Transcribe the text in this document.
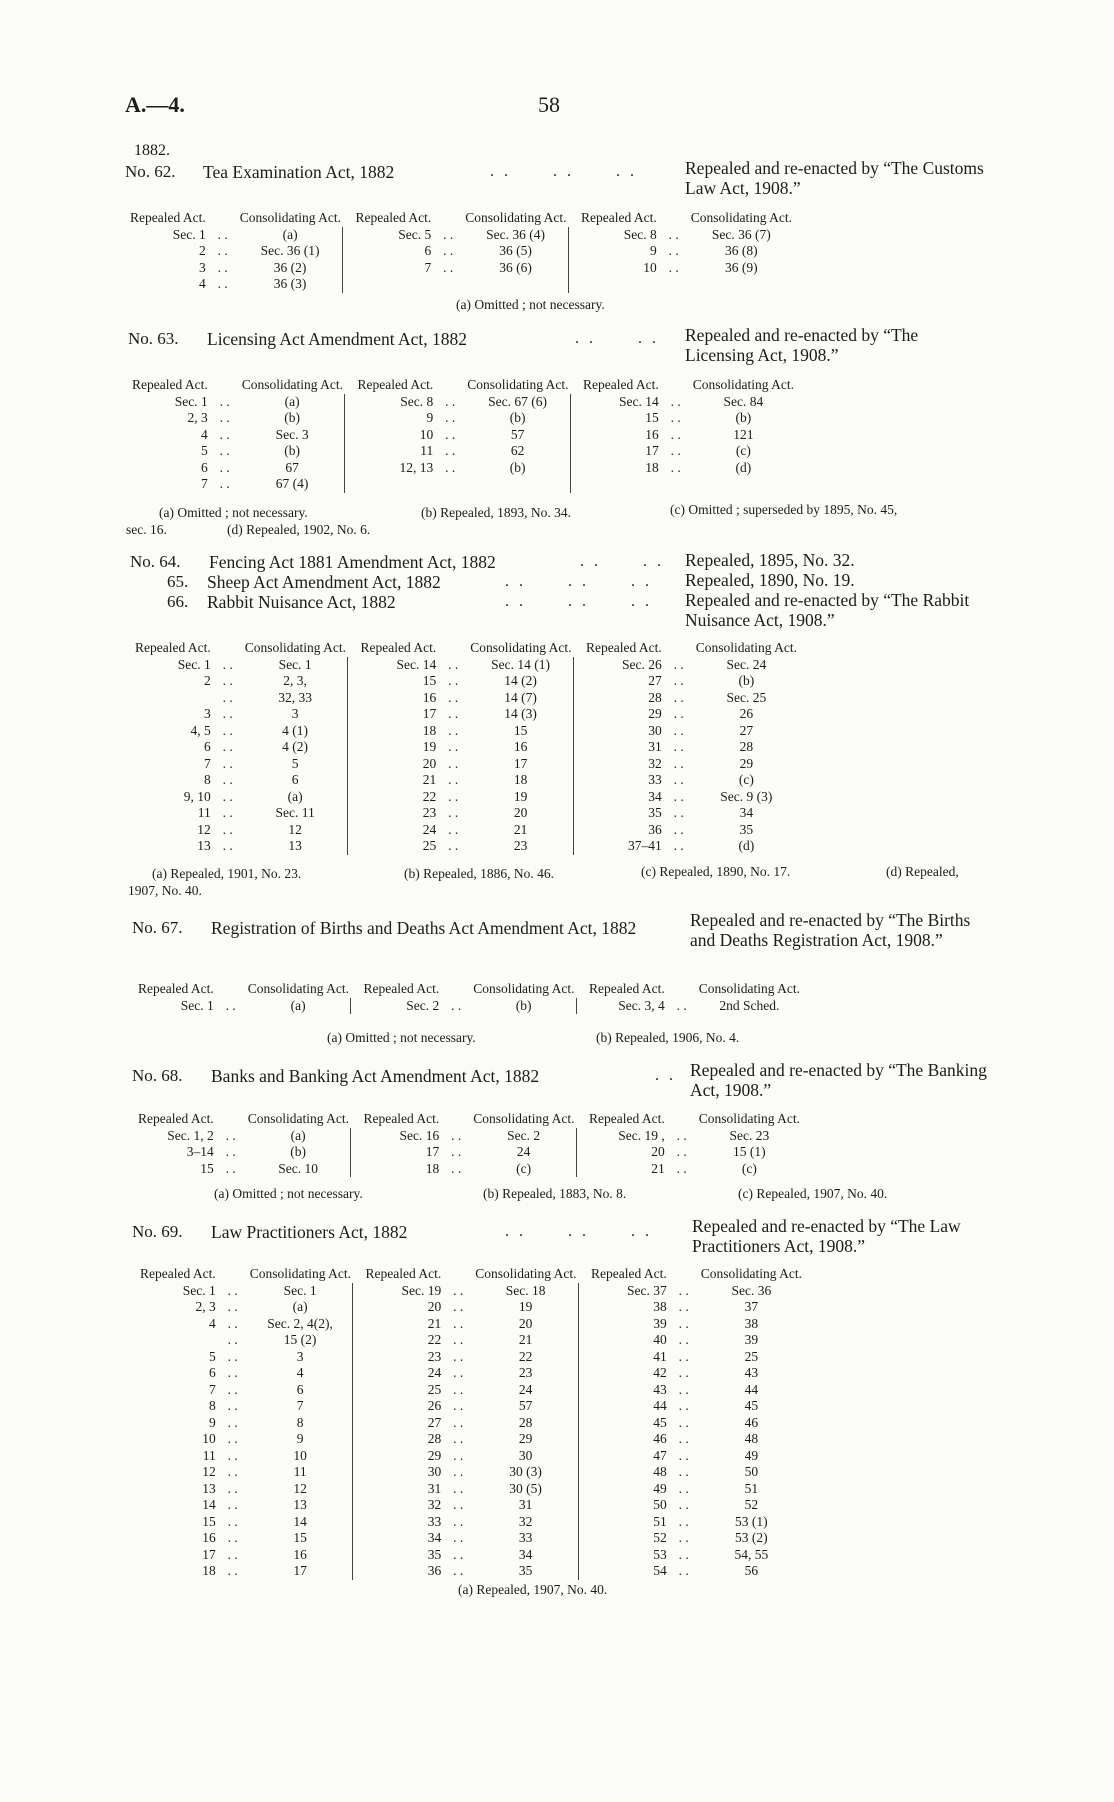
A.—4.	58
1882.
No. 62. Tea Examination Act, 1882	. .      . .      . .	Repealed and re-enacted by “The Customs Law Act, 1908.”
Repealed Act.		Consolidating Act.		Repealed Act.		Consolidating Act.		Repealed Act.		Consolidating Act.
Sec. 1	. .	(a)		Sec. 5	. .	Sec. 36 (4)		Sec. 8	. .	Sec. 36 (7)
2	. .	Sec. 36 (1)		6	. .	36 (5)		9	. .	36 (8)
3	. .	36 (2)		7	. .	36 (6)		10	. .	36 (9)
4	. .	36 (3)								
No. 63. Licensing Act Amendment Act, 1882	. .      . . Repealed and re-enacted by “The Licensing Act, 1908.”
Repealed Act.		Consolidating Act.		Repealed Act.		Consolidating Act.		Repealed Act.		Consolidating Act.
Sec. 1	. .	(a)		Sec. 8	. .	Sec. 67 (6)		Sec. 14	. .	Sec. 84
2, 3	. .	(b)		9	. .	(b)		15	. .	(b)
4	. .	Sec. 3		10	. .	57		16	. .	121
5	. .	(b)		11	. .	62		17	. .	(c)
6	. .	67		12, 13	. .	(b)		18	. .	(d)
7	. .	67 (4)								
No. 64. Fencing Act 1881 Amendment Act, 1882	. .      . . Repealed, 1895, No. 32.
65. Sheep Act Amendment Act, 1882	. .      . .      . . Repealed, 1890, No. 19.
66. Rabbit Nuisance Act, 1882	. .      . .      . . Repealed and re-enacted by “The Rabbit Nuisance Act, 1908.”
Repealed Act.		Consolidating Act.		Repealed Act.		Consolidating Act.		Repealed Act.		Consolidating Act.
Sec. 1	. .	Sec. 1		Sec. 14	. .	Sec. 14 (1)		Sec. 26	. .	Sec. 24
2	. .	2, 3,		15	. .	14 (2)		27	. .	(b)
	. .	32, 33		16	. .	14 (7)		28	. .	Sec. 25
3	. .	3		17	. .	14 (3)		29	. .	26
4, 5	. .	4 (1)		18	. .	15		30	. .	27
6	. .	4 (2)		19	. .	16		31	. .	28
7	. .	5		20	. .	17		32	. .	29
8	. .	6		21	. .	18		33	. .	(c)
9, 10	. .	(a)		22	. .	19		34	. .	Sec. 9 (3)
11	. .	Sec. 11		23	. .	20		35	. .	34
12	. .	12		24	. .	21		36	. .	35
13	. .	13		25	. .	23		37–41	. .	(d)
No. 67. Registration of Births and Deaths Act Amendment Act, 1882	Repealed and re-enacted by “The Births and Deaths Registration Act, 1908.”
Repealed Act.		Consolidating Act.		Repealed Act.		Consolidating Act.		Repealed Act.		Consolidating Act.
Sec. 1	. .	(a)		Sec. 2	. .	(b)		Sec. 3, 4	. .	2nd Sched.
No. 68. Banks and Banking Act Amendment Act, 1882	. . Repealed and re-enacted by “The Banking Act, 1908.”
Repealed Act.		Consolidating Act.		Repealed Act.		Consolidating Act.		Repealed Act.		Consolidating Act.
Sec. 1, 2	. .	(a)		Sec. 16	. .	Sec. 2		Sec. 19 ,	. .	Sec. 23
3–14	. .	(b)		17	. .	24		20	. .	15 (1)
15	. .	Sec. 10		18	. .	(c)		21	. .	(c)
No. 69. Law Practitioners Act, 1882	. .      . .      . . Repealed and re-enacted by “The Law Practitioners Act, 1908.”
Repealed Act.		Consolidating Act.		Repealed Act.		Consolidating Act.		Repealed Act.		Consolidating Act.
Sec. 1	. .	Sec. 1		Sec. 19	. .	Sec. 18		Sec. 37	. .	Sec. 36
2, 3	. .	(a)		20	. .	19		38	. .	37
4	. .	Sec. 2, 4(2),		21	. .	20		39	. .	38
	. .	15 (2)		22	. .	21		40	. .	39
5	. .	3		23	. .	22		41	. .	25
6	. .	4		24	. .	23		42	. .	43
7	. .	6		25	. .	24		43	. .	44
8	. .	7		26	. .	57		44	. .	45
9	. .	8		27	. .	28		45	. .	46
10	. .	9		28	. .	29		46	. .	48
11	. .	10		29	. .	30		47	. .	49
12	. .	11		30	. .	30 (3)		48	. .	50
13	. .	12		31	. .	30 (5)		49	. .	51
14	. .	13		32	. .	31		50	. .	52
15	. .	14		33	. .	32		51	. .	53 (1)
16	. .	15		34	. .	33		52	. .	53 (2)
17	. .	16		35	. .	34		53	. .	54, 55
18	. .	17		36	. .	35		54	. .	56
(a) Omitted ; not necessary.
(a) Omitted ; not necessary.	(b) Repealed, 1893, No. 34.	(c) Omitted ; superseded by 1895, No. 45,
sec. 16.	(d) Repealed, 1902, No. 6.
(a) Repealed, 1901, No. 23.	(b) Repealed, 1886, No. 46.	(c) Repealed, 1890, No. 17.	(d) Repealed,
1907, No. 40.
(a) Omitted ; not necessary.	(b) Repealed, 1906, No. 4.
(a) Omitted ; not necessary.	(b) Repealed, 1883, No. 8.	(c) Repealed, 1907, No. 40.
(a) Repealed, 1907, No. 40.
